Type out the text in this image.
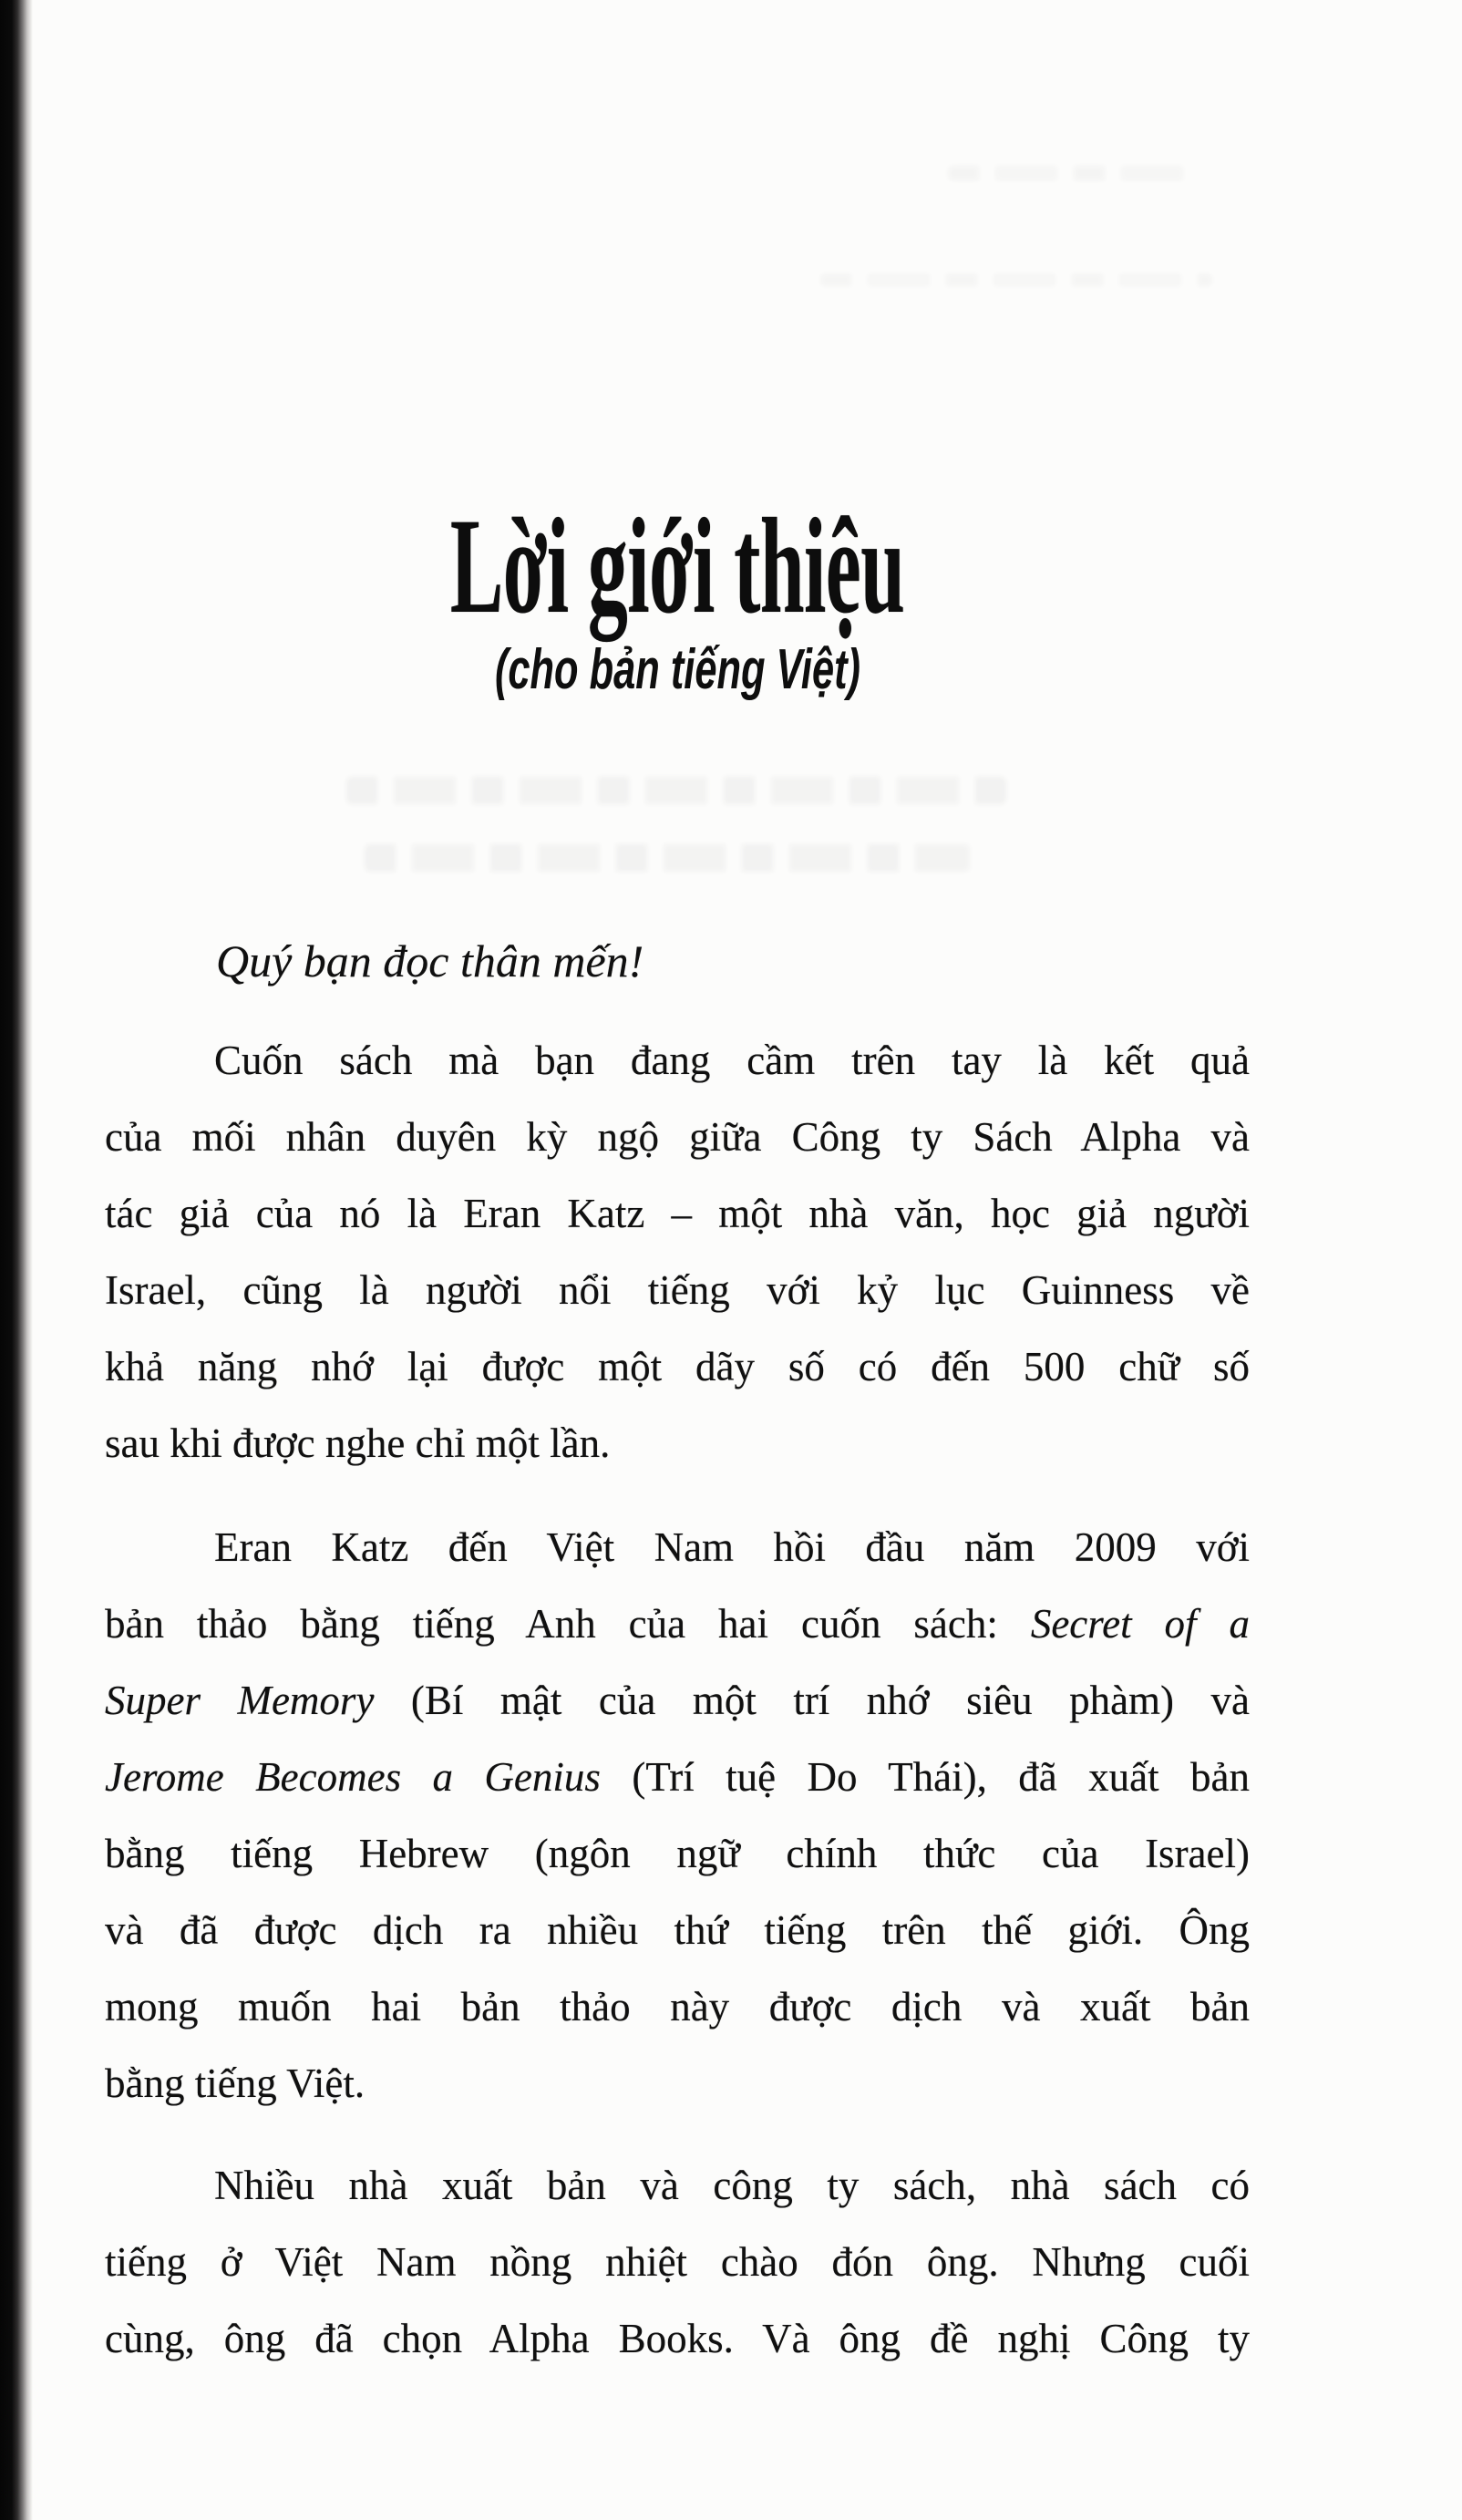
Lời giới thiệu
(cho bản tiếng Việt)
Quý bạn đọc thân mến!
Cuốn sách mà bạn đang cầm trên tay là kết quả
của mối nhân duyên kỳ ngộ giữa Công ty Sách Alpha và
tác giả của nó là Eran Katz – một nhà văn, học giả người
Israel, cũng là người nổi tiếng với kỷ lục Guinness về
khả năng nhớ lại được một dãy số có đến 500 chữ số
sau khi được nghe chỉ một lần.
Eran Katz đến Việt Nam hồi đầu năm 2009 với
bản thảo bằng tiếng Anh của hai cuốn sách: Secret of a
Super Memory (Bí mật của một trí nhớ siêu phàm) và
Jerome Becomes a Genius (Trí tuệ Do Thái), đã xuất bản
bằng tiếng Hebrew (ngôn ngữ chính thức của Israel)
và đã được dịch ra nhiều thứ tiếng trên thế giới. Ông
mong muốn hai bản thảo này được dịch và xuất bản
bằng tiếng Việt.
Nhiều nhà xuất bản và công ty sách, nhà sách có
tiếng ở Việt Nam nồng nhiệt chào đón ông. Nhưng cuối
cùng, ông đã chọn Alpha Books. Và ông đề nghị Công ty
